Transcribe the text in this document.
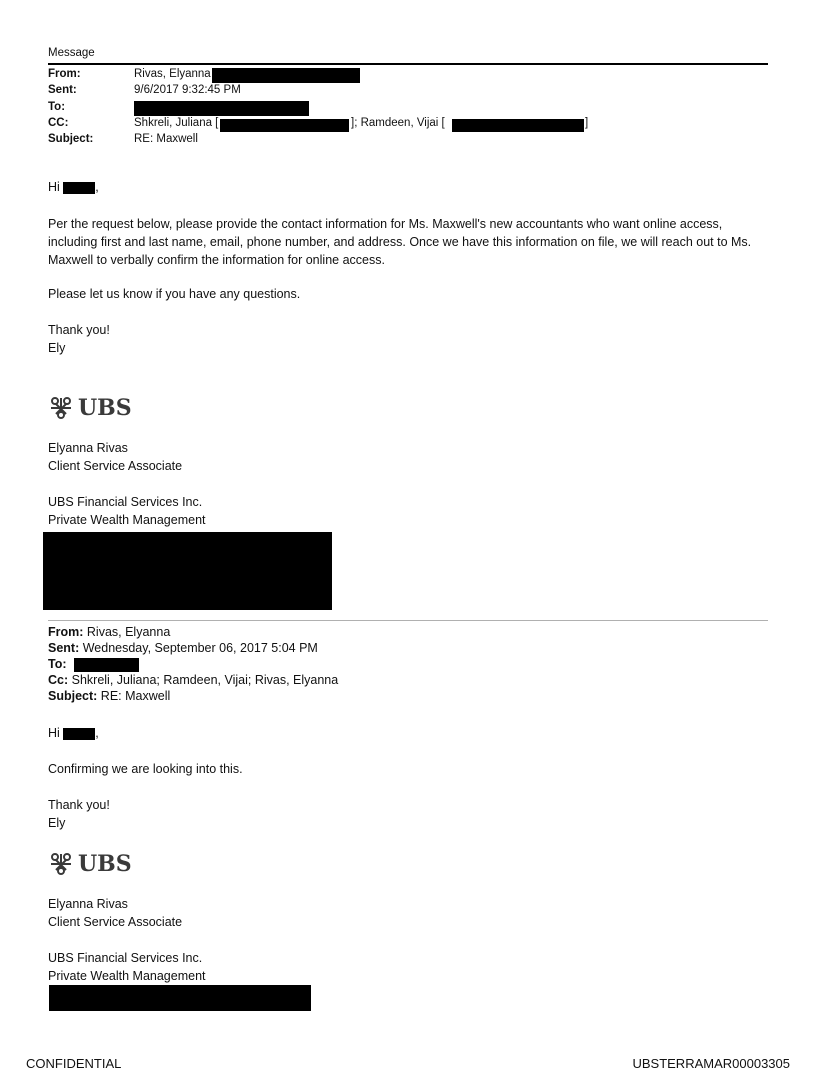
Message
From:	Rivas, Elyanna
Sent:	9/6/2017 9:32:45 PM
To:
CC:	Shkreli, Juliana [	]; Ramdeen, Vijai [	]
Subject:	RE: Maxwell
Hi	,
Per the request below, please provide the contact information for Ms. Maxwell's new accountants who want online access, including first and last name, email, phone number, and address. Once we have this information on file, we will reach out to Ms. Maxwell to verbally confirm the information for online access.
Please let us know if you have any questions.
Thank you!
Ely
UBS
Elyanna Rivas
Client Service Associate
UBS Financial Services Inc.
Private Wealth Management
From: Rivas, Elyanna
Sent: Wednesday, September 06, 2017 5:04 PM
To:
Cc: Shkreli, Juliana; Ramdeen, Vijai; Rivas, Elyanna
Subject: RE: Maxwell
Hi	,
Confirming we are looking into this.
Thank you!
Ely
UBS
Elyanna Rivas
Client Service Associate
UBS Financial Services Inc.
Private Wealth Management
CONFIDENTIAL	UBSTERRAMAR00003305
